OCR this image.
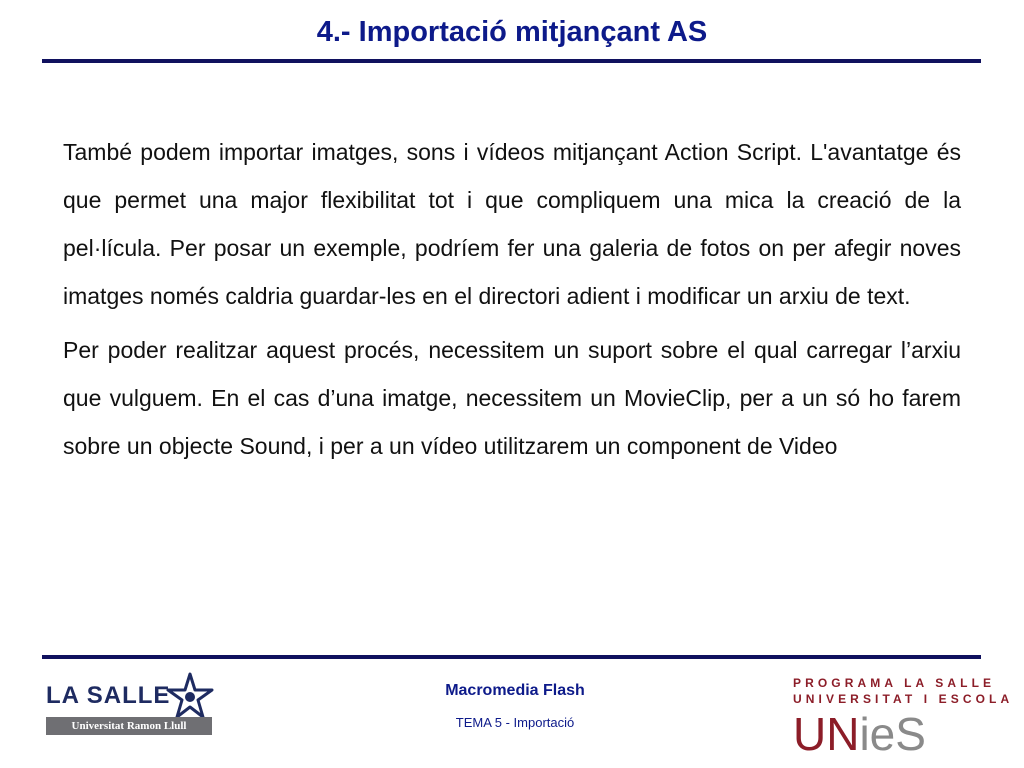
4.- Importació mitjançant AS

També podem importar imatges, sons i vídeos mitjançant Action Script. L'avantatge és que permet una major flexibilitat tot i que compliquem una mica la creació de la pel·lícula. Per posar un exemple, podríem fer una galeria de fotos on per afegir noves imatges només caldria guardar-les en el directori adient i modificar un arxiu de text.

Per poder realitzar aquest procés, necessitem un suport sobre el qual carregar l’arxiu que vulguem. En el cas d’una imatge, necessitem un MovieClip, per a un só ho farem sobre un objecte Sound, i per a un vídeo utilitzarem un component de Video

LA SALLE
Universitat Ramon Llull

Macromedia Flash

TEMA 5 - Importació

PROGRAMA LA SALLE
UNIVERSITAT I ESCOLA
UNieS
